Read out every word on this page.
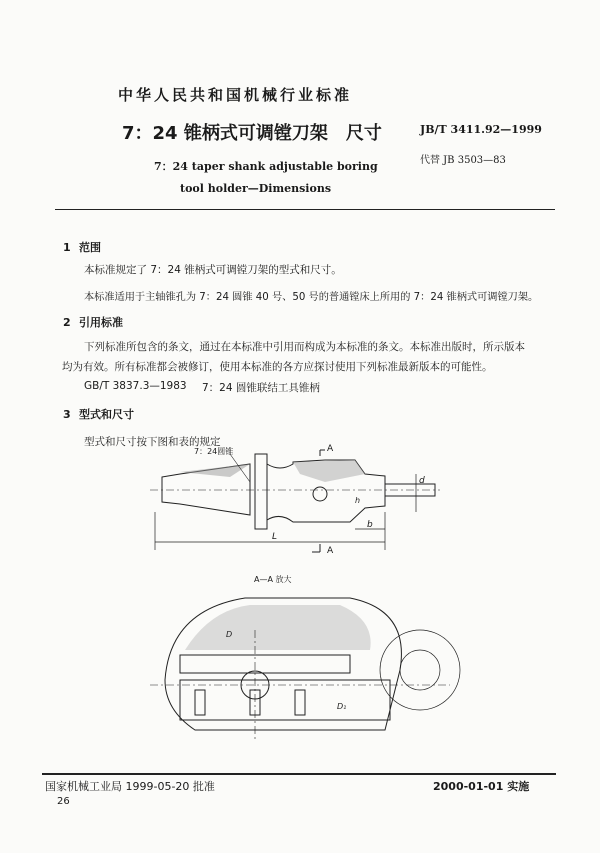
中华人民共和国机械行业标准
7：24 锥柄式可调镗刀架　尺寸
7：24 taper shank adjustable boring
tool holder—Dimensions
JB/T 3411.92—1999
代替 JB 3503—83
1 范围
本标准规定了 7：24 锥柄式可调镗刀架的型式和尺寸。
本标准适用于主轴锥孔为 7：24 圆锥 40 号、50 号的普通镗床上所用的 7：24 锥柄式可调镗刀架。
2 引用标准
下列标准所包含的条文，通过在本标准中引用而构成为本标准的条文。本标准出版时，所示版本
均为有效。所有标准都会被修订，使用本标准的各方应探讨使用下列标准最新版本的可能性。
GB/T 3837.3—1983 7：24 圆锥联结工具锥柄
3 型式和尺寸
型式和尺寸按下图和表的规定
7：24圆锥	A
A
L
b
d
h
A—A 放大
D
D₁
国家机械工业局 1999-05-20 批准	2000-01-01 实施
26
